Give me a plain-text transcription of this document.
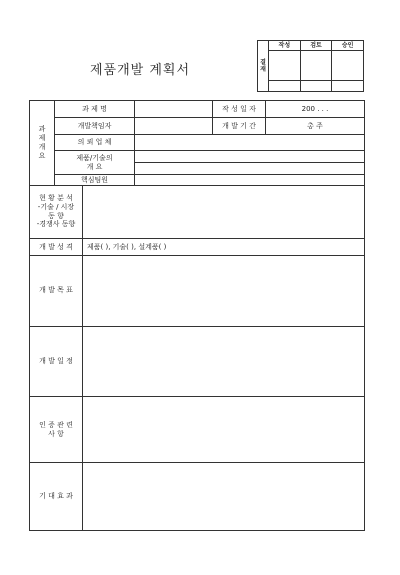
제품개발 계획서
결
재	작성	검토	승인

과
제
개
요	과 제 명			작 성 일 자	200 . . .
	개발책임자			개 발 기 간	총 주
	의 뢰 업 체				
	제품/기술의
개 요				

	핵심팀원				
현 황 분 석
-기술 / 시장
동 향
-경쟁사 동향					
개 발 성 격		제품( ), 기술( ), 설계품( )			
개 발 목 표					
개 발 일 정					
인 증 관 련
사 항					
기 대 효 과					
